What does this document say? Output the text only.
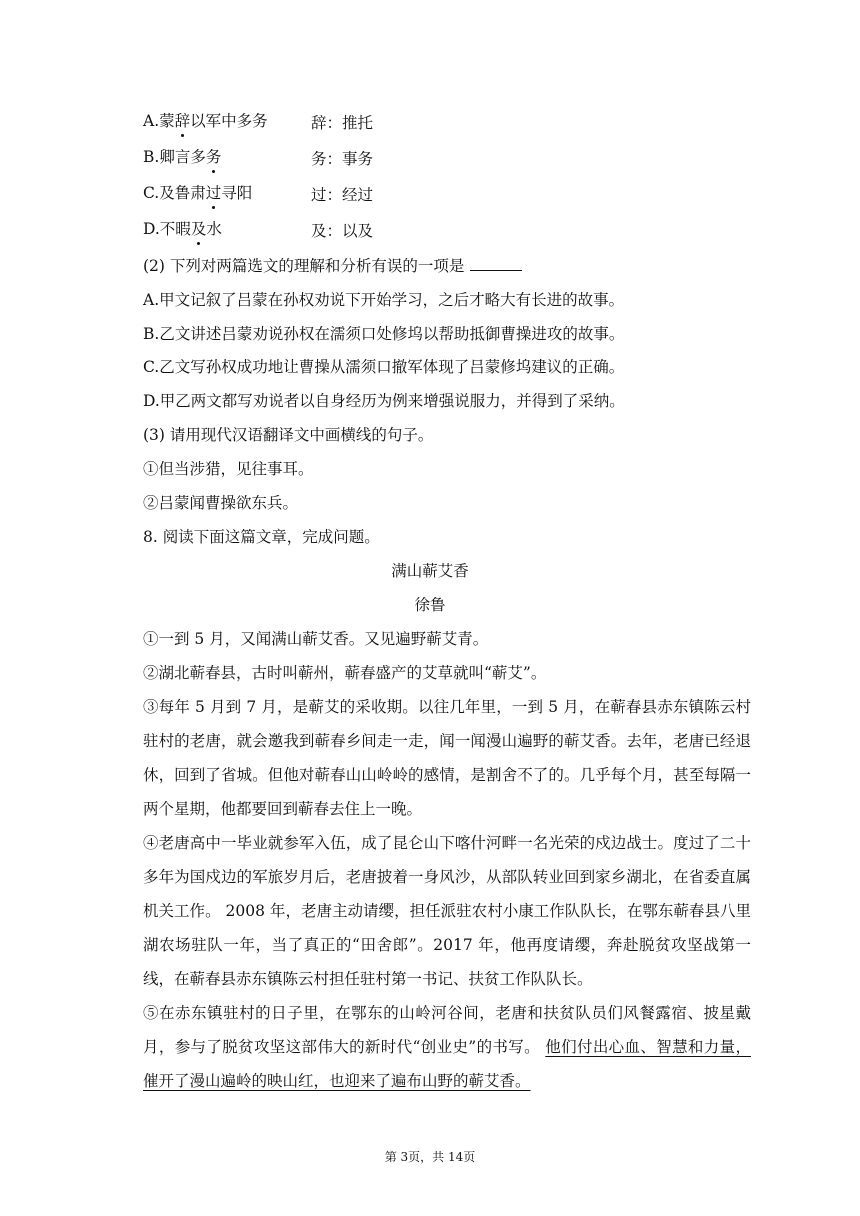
A.蒙辞以军中多务	辞：推托
B.卿言多务	务：事务
C.及鲁肃过寻阳	过：经过
D.不暇及水	及：以及
(2) 下列对两篇选文的理解和分析有误的一项是
A.甲文记叙了吕蒙在孙权劝说下开始学习，之后才略大有长进的故事。
B.乙文讲述吕蒙劝说孙权在濡须口处修坞以帮助抵御曹操进攻的故事。
C.乙文写孙权成功地让曹操从濡须口撤军体现了吕蒙修坞建议的正确。
D.甲乙两文都写劝说者以自身经历为例来增强说服力，并得到了采纳。
(3) 请用现代汉语翻译文中画横线的句子。
①但当涉猎，见往事耳。
②吕蒙闻曹操欲东兵。
8. 阅读下面这篇文章，完成问题。
满山蕲艾香
徐鲁
①一到 5 月，又闻满山蕲艾香。又见遍野蕲艾青。
②湖北蕲春县，古时叫蕲州，蕲春盛产的艾草就叫“蕲艾”。
③每年 5 月到 7 月，是蕲艾的采收期。以往几年里，一到 5 月，在蕲春县赤东镇陈云村驻村的老唐，就会邀我到蕲春乡间走一走，闻一闻漫山遍野的蕲艾香。去年，老唐已经退休，回到了省城。但他对蕲春山山岭岭的感情，是割舍不了的。几乎每个月，甚至每隔一两个星期，他都要回到蕲春去住上一晚。
④老唐高中一毕业就参军入伍，成了昆仑山下喀什河畔一名光荣的戍边战士。度过了二十多年为国戍边的军旅岁月后，老唐披着一身风沙，从部队转业回到家乡湖北，在省委直属机关工作。 2008 年，老唐主动请缨，担任派驻农村小康工作队队长，在鄂东蕲春县八里湖农场驻队一年，当了真正的“田舍郎”。2017 年，他再度请缨，奔赴脱贫攻坚战第一线，在蕲春县赤东镇陈云村担任驻村第一书记、扶贫工作队队长。
⑤在赤东镇驻村的日子里，在鄂东的山岭河谷间，老唐和扶贫队员们风餐露宿、披星戴月，参与了脱贫攻坚这部伟大的新时代“创业史”的书写。 他们付出心血、智慧和力量，催开了漫山遍岭的映山红，也迎来了遍布山野的蕲艾香。
第 3页，共 14页
